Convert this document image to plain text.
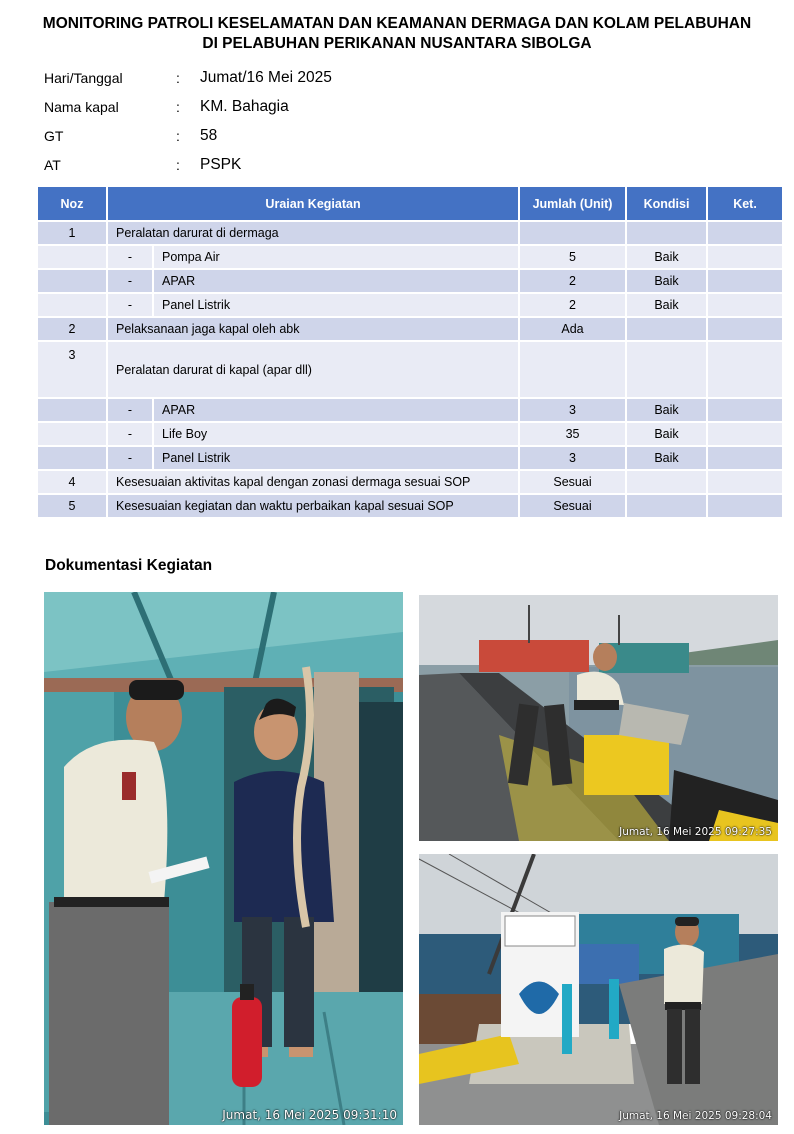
MONITORING PATROLI KESELAMATAN DAN KEAMANAN DERMAGA DAN KOLAM PELABUHAN
DI PELABUHAN PERIKANAN NUSANTARA SIBOLGA
Hari/Tanggal	: Jumat/16 Mei 2025
Nama kapal	: KM. Bahagia
GT	: 58
AT	: PSPK
Noz	Uraian Kegiatan		Jumlah (Unit)	Kondisi	Ket.
1	Peralatan darurat di dermaga				
	-	Pompa Air	5	Baik	
	-	APAR	2	Baik	
	-	Panel Listrik	2	Baik	
2	Pelaksanaan jaga kapal oleh abk		Ada		
3	Peralatan darurat di kapal (apar dll)				
	-	APAR	3	Baik	
	-	Life Boy	35	Baik	
	-	Panel Listrik	3	Baik	
4	Kesesuaian aktivitas kapal dengan zonasi dermaga sesuai SOP		Sesuai		
5	Kesesuaian kegiatan dan waktu perbaikan kapal sesuai SOP		Sesuai		
Dokumentasi Kegiatan
Jumat, 16 Mei 2025 09:31:10
Jumat, 16 Mei 2025 09:27:35
Jumat, 16 Mei 2025 09:28:04
